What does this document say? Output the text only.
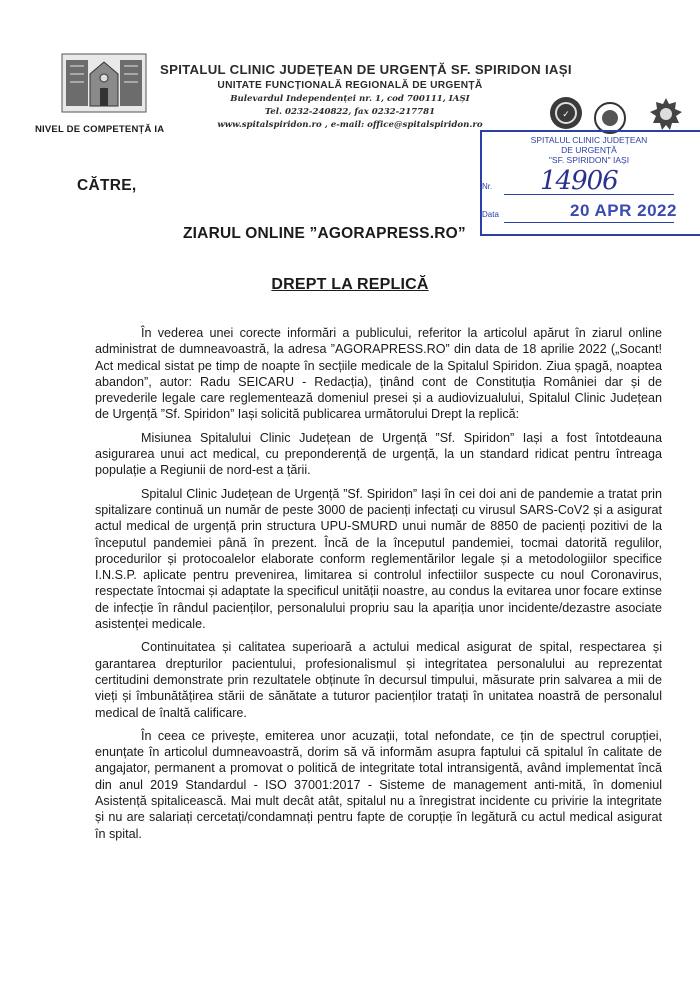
NIVEL DE COMPETENȚĂ IA
SPITALUL CLINIC JUDEȚEAN DE URGENȚĂ SF. SPIRIDON IAȘI
UNITATE FUNCȚIONALĂ REGIONALĂ DE URGENȚĂ
Bulevardul Independenței nr. 1, cod 700111, IAȘI
Tel. 0232-240822, fax 0232-217781
www.spitalspiridon.ro , e-mail: office@spitalspiridon.ro
✓
SPITALUL CLINIC JUDEȚEAN
DE URGENȚĂ
"SF. SPIRIDON" IAȘI
Nr. 14906
Data	20 APR 2022
CĂTRE,
ZIARUL ONLINE ”AGORAPRESS.RO”
DREPT LA REPLICĂ

În vederea unei corecte informări a publicului, referitor la articolul apărut în ziarul online administrat de dumneavoastră, la adresa ”AGORAPRESS.RO” din data de 18 aprilie 2022 („Socant! Act medical sistat pe timp de noapte în secțiile medicale de la Spitalul Spiridon. Ziua șpagă, noaptea abandon”, autor: Radu SEICARU - Redacția), ținând cont de Constituția României dar și de prevederile legale care reglementează domeniul presei și a audiovizualului, Spitalul Clinic Județean de Urgență ”Sf. Spiridon” Iași solicită publicarea următorului Drept la replică:

Misiunea Spitalului Clinic Județean de Urgență ”Sf. Spiridon” Iași a fost întotdeauna asigurarea unui act medical, cu preponderență de urgență, la un standard ridicat pentru întreaga populație a Regiunii de nord-est a țării.

Spitalul Clinic Județean de Urgență ”Sf. Spiridon” Iași în cei doi ani de pandemie a tratat prin spitalizare continuă un număr de peste 3000 de pacienți infectați cu virusul SARS-CoV2 și a asigurat actul medical de urgență prin structura UPU-SMURD unui număr de 8850 de pacienți pozitivi de la începutul pandemiei până în prezent. Încă de la începutul pandemiei, tocmai datorită regulilor, procedurilor și protocoalelor elaborate conform reglementărilor legale și a metodologiilor specifice I.N.S.P. aplicate pentru prevenirea, limitarea si controlul infectiilor suspecte cu noul Coronavirus, respectate întocmai și adaptate la specificul unității noastre, au condus la evitarea unor focare extinse de infecție în rândul pacienților, personalului propriu sau la apariția unor incidente/dezastre asociate asistenței medicale.

Continuitatea și calitatea superioară a actului medical asigurat de spital, respectarea și garantarea drepturilor pacientului, profesionalismul și integritatea personalului au reprezentat certitudini demonstrate prin rezultatele obținute în decursul timpului, măsurate prin salvarea a mii de vieți și îmbunătățirea stării de sănătate a tuturor pacienților tratați în unitatea noastră de personalul medical de înaltă calificare.

În ceea ce privește, emiterea unor acuzații, total nefondate, ce țin de spectrul corupției, enunțate în articolul dumneavoastră, dorim să vă informăm asupra faptului că spitalul în calitate de angajator, permanent a promovat o politică de integritate total intransigentă, având implementat încă din anul 2019 Standardul - ISO 37001:2017 - Sisteme de management anti-mită, în domeniul Asistență spitalicească. Mai mult decât atât, spitalul nu a înregistrat incidente cu privirie la integritate și nu are salariați cercetați/condamnați pentru fapte de corupție în legătură cu actul medical asigurat în spital.
